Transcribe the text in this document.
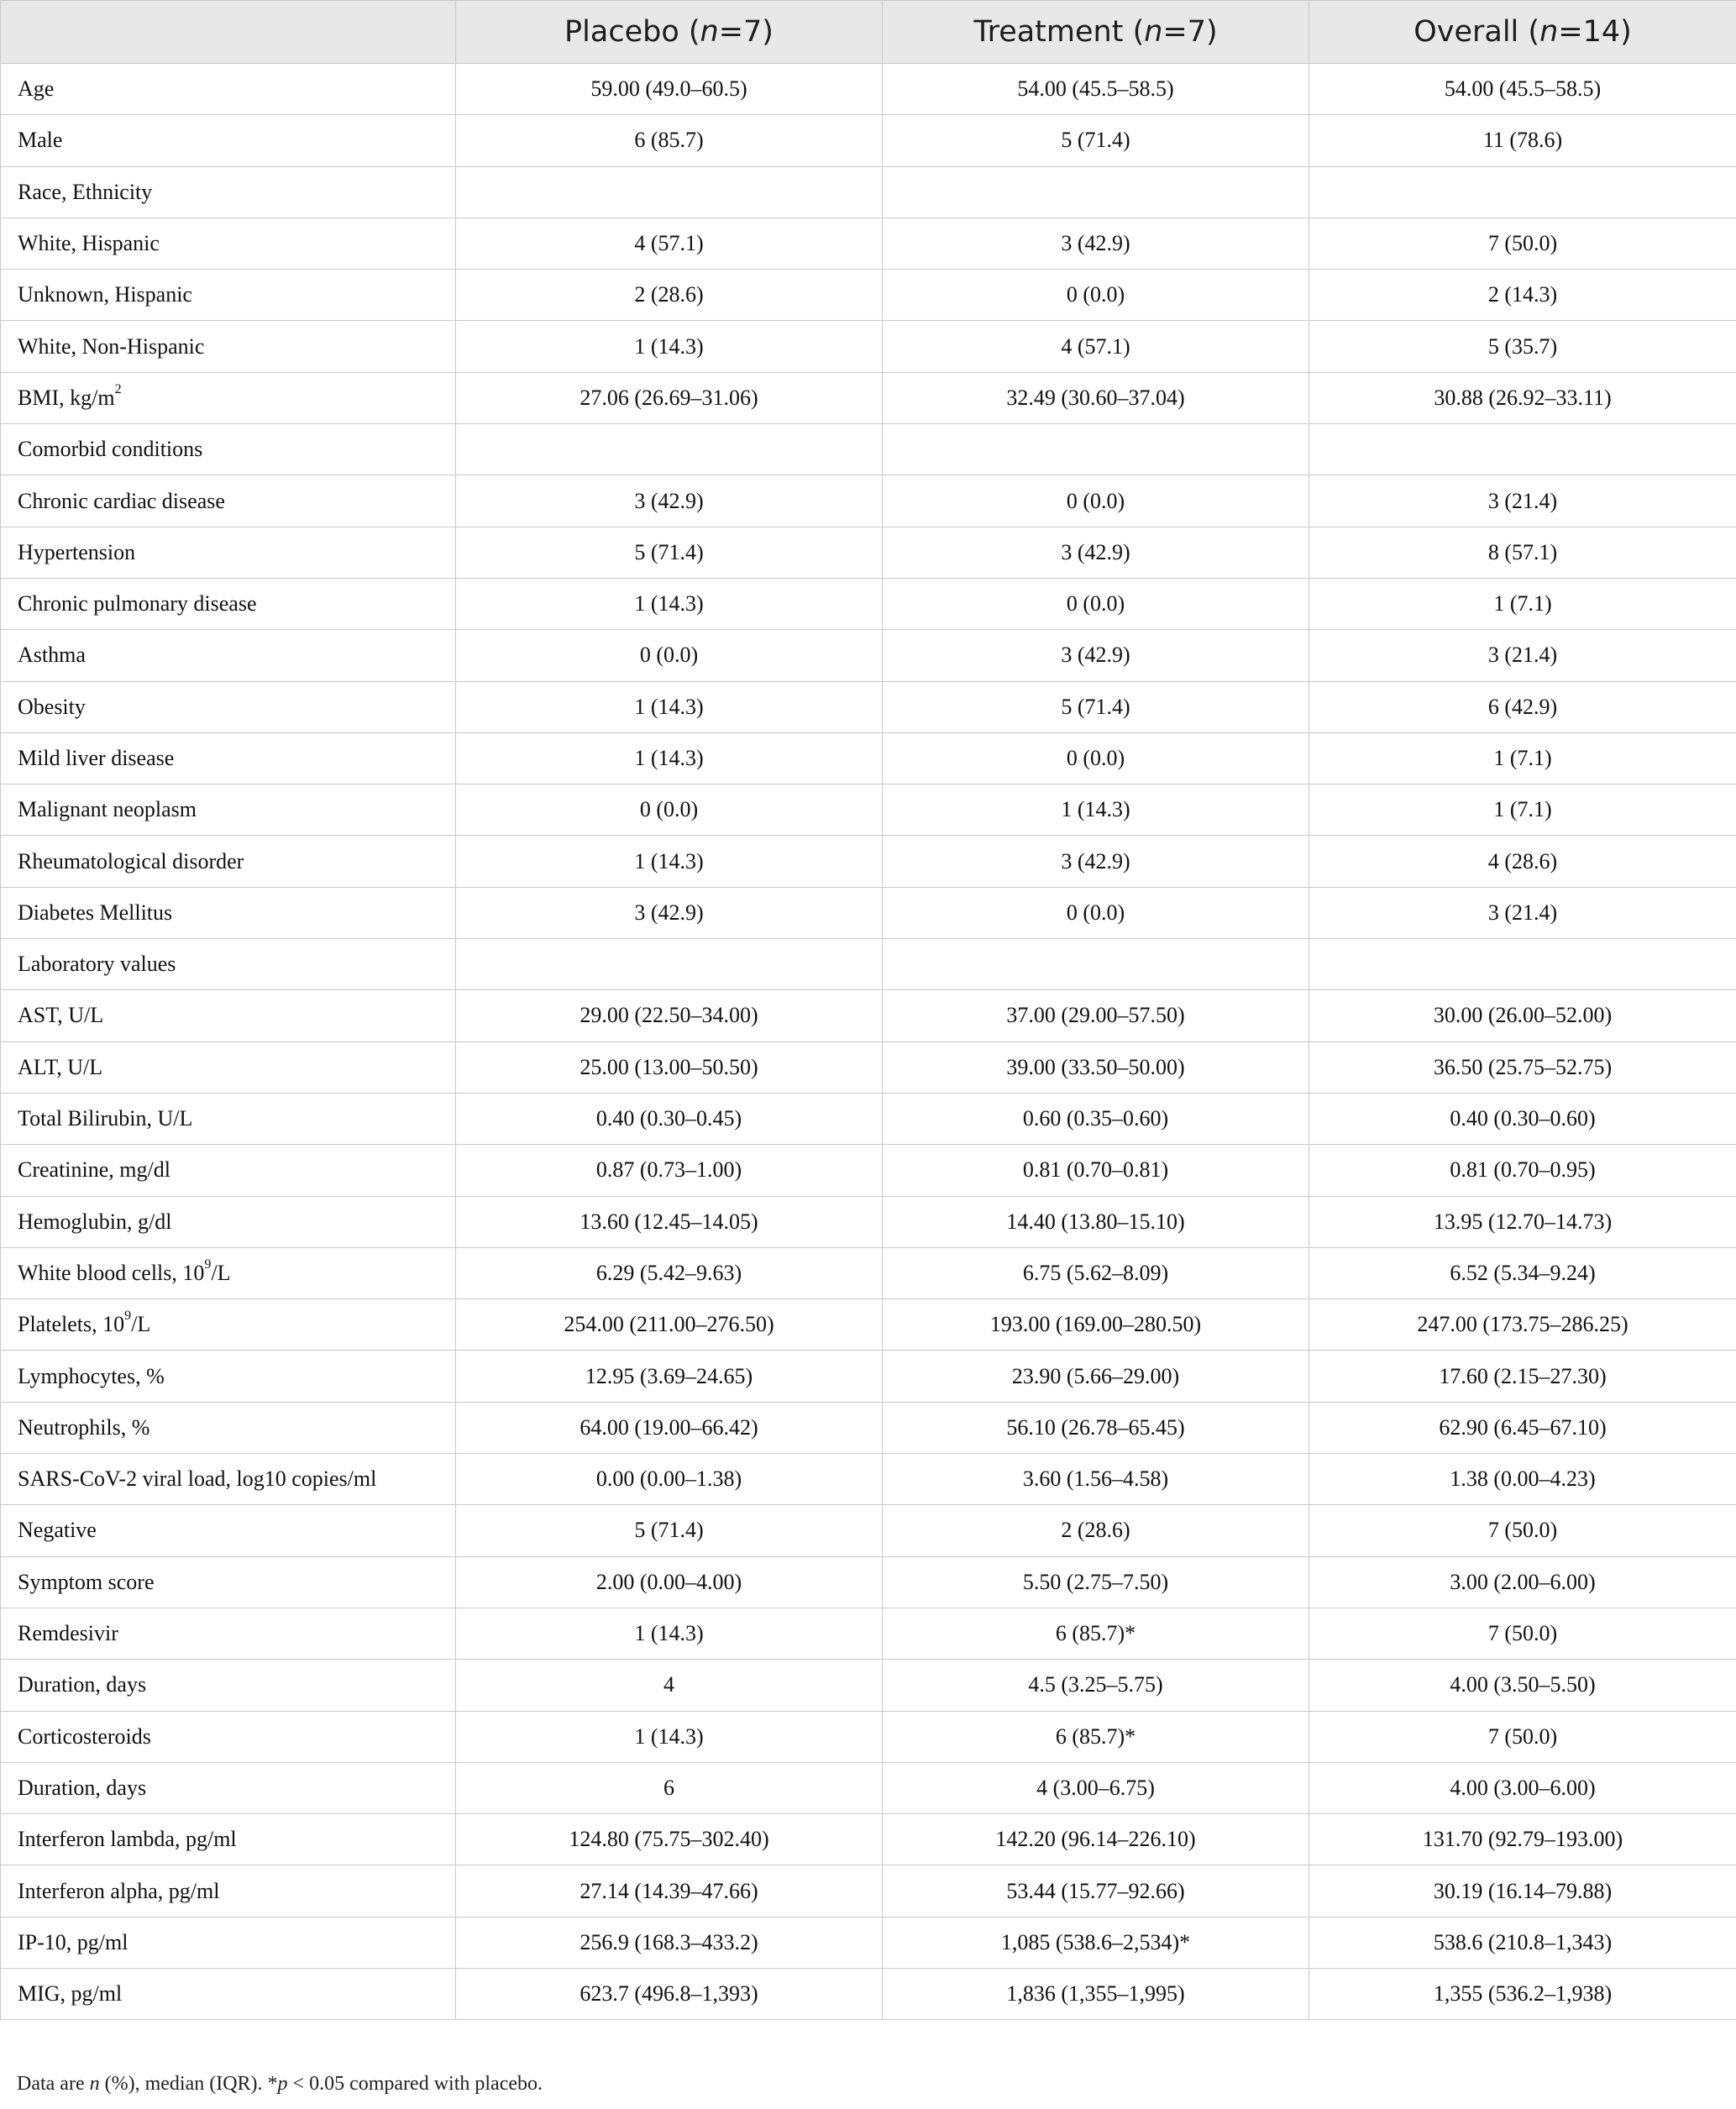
	Placebo (n=7)	Treatment (n=7)	Overall (n=14)
Age	59.00 (49.0–60.5)	54.00 (45.5–58.5)	54.00 (45.5–58.5)
Male	6 (85.7)	5 (71.4)	11 (78.6)
Race, Ethnicity			
White, Hispanic	4 (57.1)	3 (42.9)	7 (50.0)
Unknown, Hispanic	2 (28.6)	0 (0.0)	2 (14.3)
White, Non-Hispanic	1 (14.3)	4 (57.1)	5 (35.7)
BMI, $kg/m^2$	27.06 (26.69–31.06)	32.49 (30.60–37.04)	30.88 (26.92–33.11)
Comorbid conditions			
Chronic cardiac disease	3 (42.9)	0 (0.0)	3 (21.4)
Hypertension	5 (71.4)	3 (42.9)	8 (57.1)
Chronic pulmonary disease	1 (14.3)	0 (0.0)	1 (7.1)
Asthma	0 (0.0)	3 (42.9)	3 (21.4)
Obesity	1 (14.3)	5 (71.4)	6 (42.9)
Mild liver disease	1 (14.3)	0 (0.0)	1 (7.1)
Malignant neoplasm	0 (0.0)	1 (14.3)	1 (7.1)
Rheumatological disorder	1 (14.3)	3 (42.9)	4 (28.6)
Diabetes Mellitus	3 (42.9)	0 (0.0)	3 (21.4)
Laboratory values			
AST, U/L	29.00 (22.50–34.00)	37.00 (29.00–57.50)	30.00 (26.00–52.00)
ALT, U/L	25.00 (13.00–50.50)	39.00 (33.50–50.00)	36.50 (25.75–52.75)
Total Bilirubin, U/L	0.40 (0.30–0.45)	0.60 (0.35–0.60)	0.40 (0.30–0.60)
Creatinine, mg/dl	0.87 (0.73–1.00)	0.81 (0.70–0.81)	0.81 (0.70–0.95)
Hemoglubin, g/dl	13.60 (12.45–14.05)	14.40 (13.80–15.10)	13.95 (12.70–14.73)
White blood cells, $10^9/L$	6.29 (5.42–9.63)	6.75 (5.62–8.09)	6.52 (5.34–9.24)
Platelets, $10^9/L$	254.00 (211.00–276.50)	193.00 (169.00–280.50)	247.00 (173.75–286.25)
Lymphocytes, %	12.95 (3.69–24.65)	23.90 (5.66–29.00)	17.60 (2.15–27.30)
Neutrophils, %	64.00 (19.00–66.42)	56.10 (26.78–65.45)	62.90 (6.45–67.10)
SARS-CoV-2 viral load, log10 copies/ml	0.00 (0.00–1.38)	3.60 (1.56–4.58)	1.38 (0.00–4.23)
Negative	5 (71.4)	2 (28.6)	7 (50.0)
Symptom score	2.00 (0.00–4.00)	5.50 (2.75–7.50)	3.00 (2.00–6.00)
Remdesivir	1 (14.3)	6 (85.7)*	7 (50.0)
Duration, days	4	4.5 (3.25–5.75)	4.00 (3.50–5.50)
Corticosteroids	1 (14.3)	6 (85.7)*	7 (50.0)
Duration, days	6	4 (3.00–6.75)	4.00 (3.00–6.00)
Interferon lambda, pg/ml	124.80 (75.75–302.40)	142.20 (96.14–226.10)	131.70 (92.79–193.00)
Interferon alpha, pg/ml	27.14 (14.39–47.66)	53.44 (15.77–92.66)	30.19 (16.14–79.88)
IP-10, pg/ml	256.9 (168.3–433.2)	1,085 (538.6–2,534)*	538.6 (210.8–1,343)
MIG, pg/ml	623.7 (496.8–1,393)	1,836 (1,355–1,995)	1,355 (536.2–1,938)
Data are n (%), median (IQR). *p < 0.05 compared with placebo.
